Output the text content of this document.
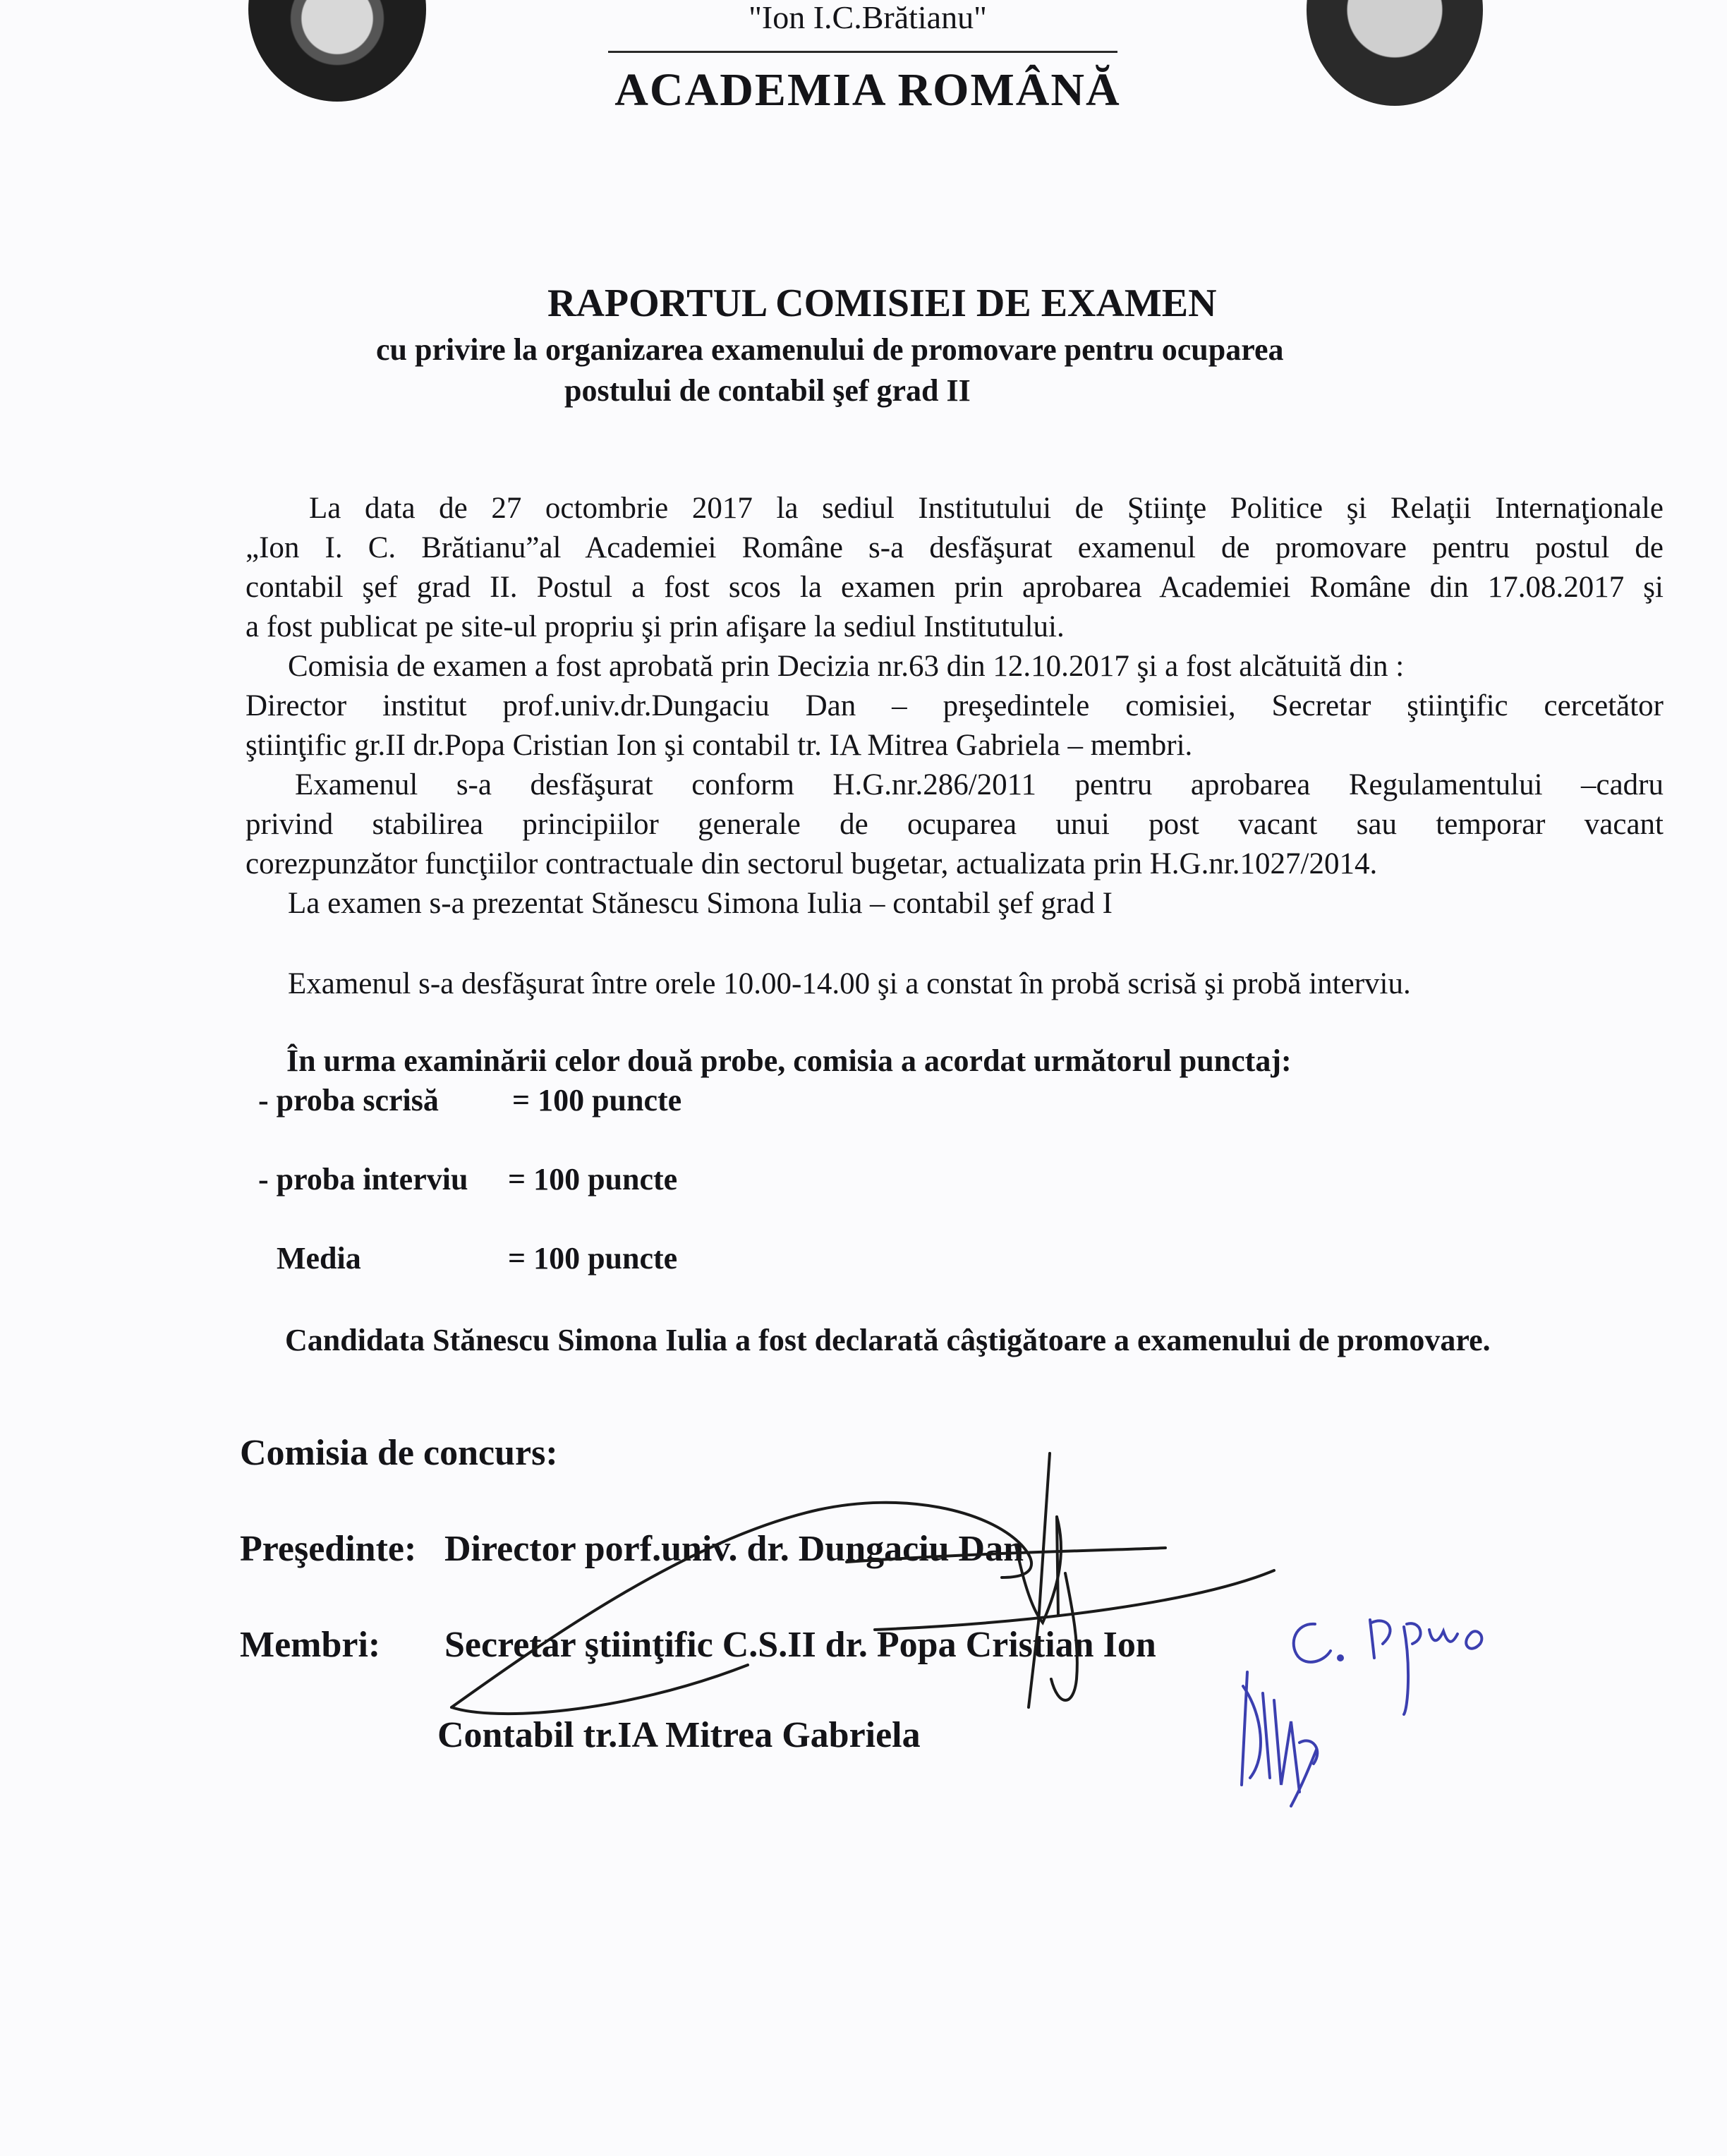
"Ion I.C.Brătianu"
ACADEMIA ROMÂNĂ
RAPORTUL COMISIEI DE EXAMEN
cu privire la organizarea examenului de promovare pentru ocuparea
postului de contabil şef grad II
La data de 27 octombrie 2017 la sediul Institutului de Ştiinţe Politice şi Relaţii Internaţionale
„Ion I. C. Brătianu”al Academiei Române s-a desfăşurat examenul de promovare pentru postul de
contabil şef grad II. Postul a fost scos la examen prin aprobarea Academiei Române din 17.08.2017 şi
a fost publicat pe site-ul propriu şi prin afişare la sediul Institutului.
Comisia de examen a fost aprobată prin Decizia nr.63 din 12.10.2017 şi a fost alcătuită din :
Director institut prof.univ.dr.Dungaciu Dan – preşedintele comisiei, Secretar ştiinţific cercetător
ştiinţific gr.II dr.Popa Cristian Ion şi contabil tr. IA Mitrea Gabriela – membri.
Examenul s-a desfăşurat conform H.G.nr.286/2011 pentru aprobarea Regulamentului –cadru
privind stabilirea principiilor generale de ocuparea unui post vacant sau temporar vacant
corezpunzător funcţiilor contractuale din sectorul bugetar, actualizata prin H.G.nr.1027/2014.
La examen s-a prezentat Stănescu Simona Iulia – contabil şef grad I
Examenul s-a desfăşurat între orele 10.00-14.00 şi a constat în probă scrisă şi probă interviu.
În urma examinării celor două probe, comisia a acordat următorul punctaj:
- proba scrisă = 100 puncte
- proba interviu = 100 puncte
Media	= 100 puncte
Candidata Stănescu Simona Iulia a fost declarată câştigătoare a examenului de promovare.
Comisia de concurs:
Preşedinte: Director porf.univ. dr. Dungaciu Dan
Membri: Secretar ştiinţific C.S.II dr. Popa Cristian Ion
Contabil tr.IA Mitrea Gabriela
